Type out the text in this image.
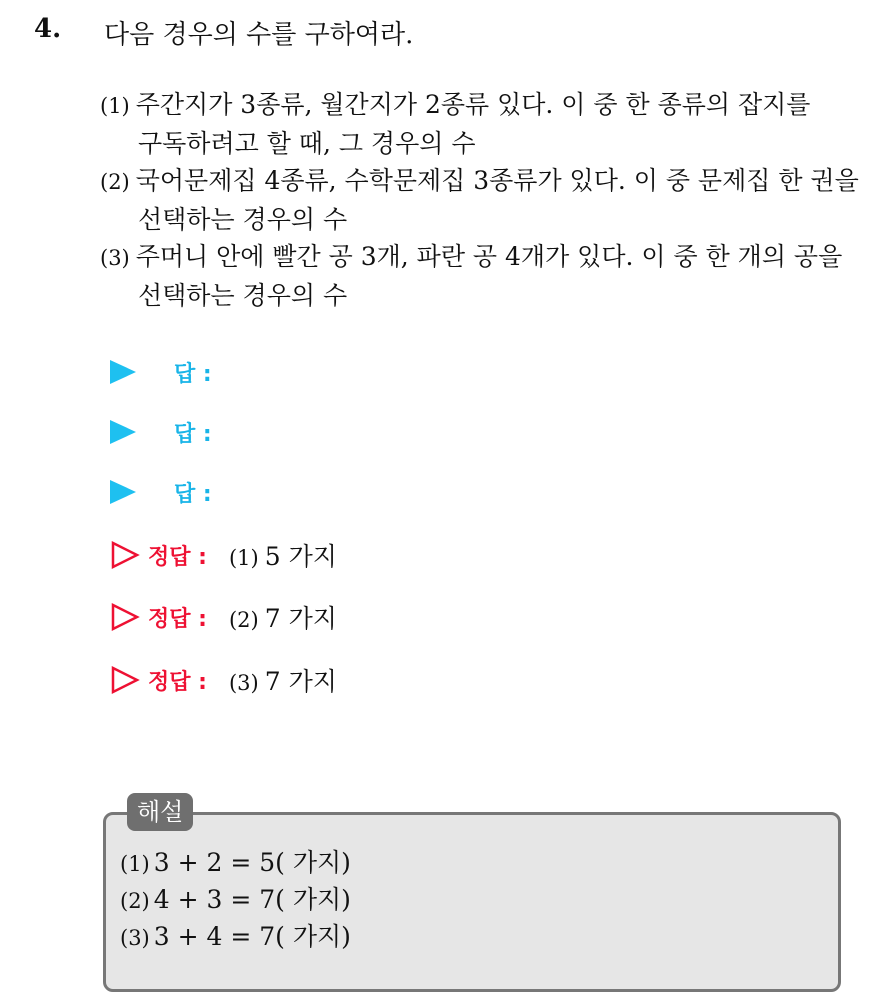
4. 다음 경우의 수를 구하여라.
(1) 주간지가 3종류, 월간지가 2종류 있다. 이 중 한 종류의 잡지를
구독하려고 할 때, 그 경우의 수
(2) 국어문제집 4종류, 수학문제집 3종류가 있다. 이 중 문제집 한 권을
선택하는 경우의 수
(3) 주머니 안에 빨간 공 3개, 파란 공 4개가 있다. 이 중 한 개의 공을
선택하는 경우의 수
답 :
답 :
답 :
정답 : (1) 5 가지
정답 : (2) 7 가지
정답 : (3) 7 가지
해설
(1) 3 + 2 = 5( 가지)
(2) 4 + 3 = 7( 가지)
(3) 3 + 4 = 7( 가지)
